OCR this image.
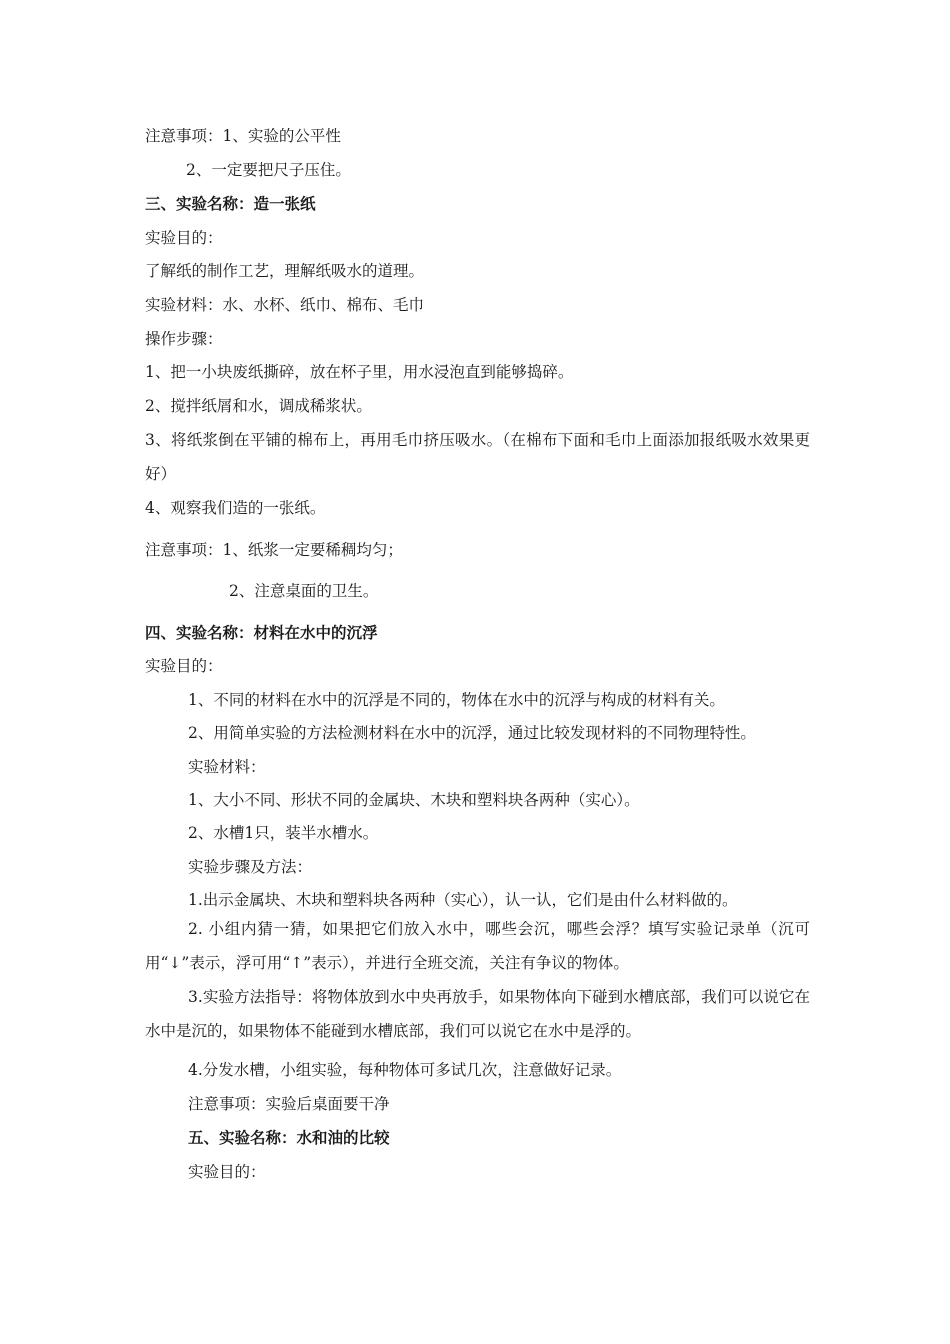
注意事项：1、实验的公平性
2、一定要把尺子压住。
三、实验名称：造一张纸
实验目的：
了解纸的制作工艺，理解纸吸水的道理。
实验材料：水、水杯、纸巾、棉布、毛巾
操作步骤：
1、把一小块废纸撕碎，放在杯子里，用水浸泡直到能够捣碎。
2、搅拌纸屑和水，调成稀浆状。
3、将纸浆倒在平铺的棉布上，再用毛巾挤压吸水。（在棉布下面和毛巾上面添加报纸吸水效果更好）
4、观察我们造的一张纸。
注意事项：1、纸浆一定要稀稠均匀；
2、注意桌面的卫生。
四、实验名称：材料在水中的沉浮
实验目的：
1、不同的材料在水中的沉浮是不同的，物体在水中的沉浮与构成的材料有关。
2、用简单实验的方法检测材料在水中的沉浮，通过比较发现材料的不同物理特性。
实验材料：
1、大小不同、形状不同的金属块、木块和塑料块各两种（实心）。
2、水槽1只，装半水槽水。
实验步骤及方法：
1.出示金属块、木块和塑料块各两种（实心），认一认，它们是由什么材料做的。
2. 小组内猜一猜，如果把它们放入水中，哪些会沉，哪些会浮？填写实验记录单（沉可用“↓”表示，浮可用“↑”表示），并进行全班交流，关注有争议的物体。
3.实验方法指导：将物体放到水中央再放手，如果物体向下碰到水槽底部，我们可以说它在水中是沉的，如果物体不能碰到水槽底部，我们可以说它在水中是浮的。
4.分发水槽，小组实验，每种物体可多试几次，注意做好记录。
注意事项：实验后桌面要干净
五、实验名称：水和油的比较
实验目的：
